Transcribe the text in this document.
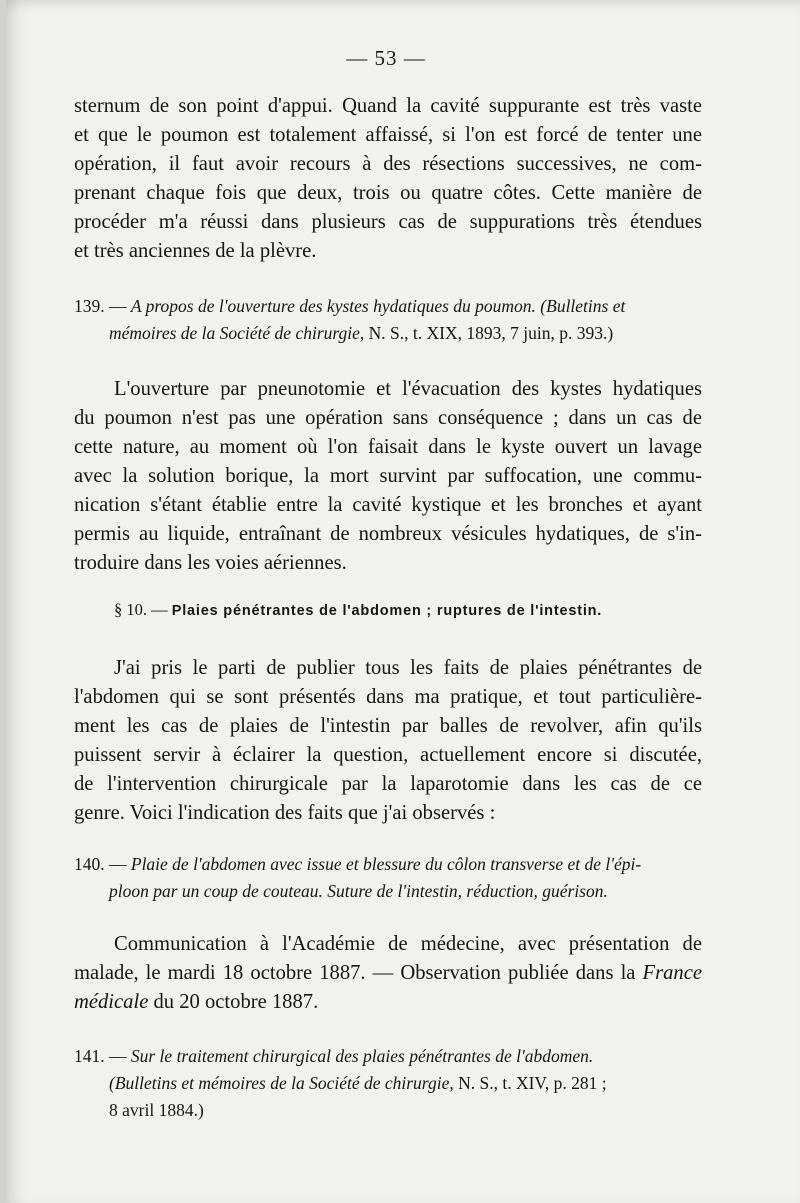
— 53 —
sternum de son point d'appui. Quand la cavité suppurante est très vaste
et que le poumon est totalement affaissé, si l'on est forcé de tenter une
opération, il faut avoir recours à des résections successives, ne com-
prenant chaque fois que deux, trois ou quatre côtes. Cette manière de
procéder m'a réussi dans plusieurs cas de suppurations très étendues
et très anciennes de la plèvre.
139. — A propos de l'ouverture des kystes hydatiques du poumon. (Bulletins et
mémoires de la Société de chirurgie, N. S., t. XIX, 1893, 7 juin, p. 393.)
L'ouverture par pneunotomie et l'évacuation des kystes hydatiques
du poumon n'est pas une opération sans conséquence ; dans un cas de
cette nature, au moment où l'on faisait dans le kyste ouvert un lavage
avec la solution borique, la mort survint par suffocation, une commu-
nication s'étant établie entre la cavité kystique et les bronches et ayant
permis au liquide, entraînant de nombreux vésicules hydatiques, de s'in-
troduire dans les voies aériennes.
§ 10. — Plaies pénétrantes de l'abdomen ; ruptures de l'intestin.
J'ai pris le parti de publier tous les faits de plaies pénétrantes de
l'abdomen qui se sont présentés dans ma pratique, et tout particulière-
ment les cas de plaies de l'intestin par balles de revolver, afin qu'ils
puissent servir à éclairer la question, actuellement encore si discutée,
de l'intervention chirurgicale par la laparotomie dans les cas de ce
genre. Voici l'indication des faits que j'ai observés :
140. — Plaie de l'abdomen avec issue et blessure du côlon transverse et de l'épi-
ploon par un coup de couteau. Suture de l'intestin, réduction, guérison.
Communication à l'Académie de médecine, avec présentation de
malade, le mardi 18 octobre 1887. — Observation publiée dans la France
médicale du 20 octobre 1887.
141. — Sur le traitement chirurgical des plaies pénétrantes de l'abdomen.
(Bulletins et mémoires de la Société de chirurgie, N. S., t. XIV, p. 281 ;
8 avril 1884.)
